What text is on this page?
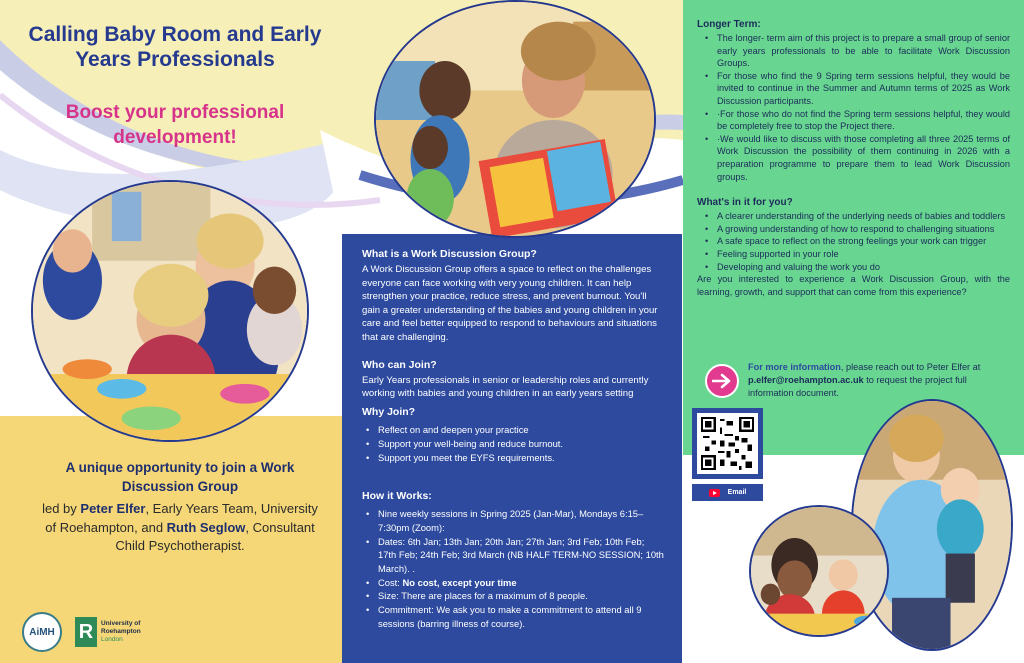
Calling Baby Room and Early Years Professionals
Boost your professional development!
A unique opportunity to join a Work Discussion Group
led by Peter Elfer, Early Years Team, University of Roehampton, and Ruth Seglow, Consultant Child Psychotherapist.
AiMH R	University of
Roehampton
London
What is a Work Discussion Group?

A Work Discussion Group offers a space to reflect on the challenges everyone can face working with very young children. It can help strengthen your practice, reduce stress, and prevent burnout. You'll gain a greater understanding of the babies and young children in your care and feel better equipped to respond to behaviours and situations that are challenging.

Who can Join?

Early Years professionals in senior or leadership roles and currently working with babies and young children in an early years setting

Why Join?
• Reflect on and deepen your practice
• Support your well-being and reduce burnout.
• Support you meet the EYFS requirements.
How it Works:
• Nine weekly sessions in Spring 2025 (Jan-Mar), Mondays 6:15–7:30pm (Zoom):
• Dates: 6th Jan; 13th Jan; 20th Jan; 27th Jan; 3rd Feb; 10th Feb; 17th Feb; 24th Feb; 3rd March (NB HALF TERM-NO SESSION; 10th March). .
• Cost: No cost, except your time
• Size: There are places for a maximum of 8 people.
• Commitment: We ask you to make a commitment to attend all 9 sessions (barring illness of course).
Longer Term:
• The longer- term aim of this project is to prepare a small group of senior early years professionals to be able to facilitate Work Discussion Groups.
• For those who find the 9 Spring term sessions helpful, they would be invited to continue in the Summer and Autumn terms of 2025 as Work Discussion participants.
• ·For those who do not find the Spring term sessions helpful, they would be completely free to stop the Project there.
• ·We would like to discuss with those completing all three 2025 terms of Work Discussion the possibility of them continuing in 2026 with a preparation programme to prepare them to lead Work Discussion groups.
What's in it for you?
• A clearer understanding of the underlying needs of babies and toddlers
• A growing understanding of how to respond to challenging situations
• A safe space to reflect on the strong feelings your work can trigger
• Feeling supported in your role
• Developing and valuing the work you do

Are you interested to experience a Work Discussion Group, with the learning, growth, and support that can come from this experience?

For more information, please reach out to Peter Elfer at p.elfer@roehampton.ac.uk to request the project full information document.
Email
